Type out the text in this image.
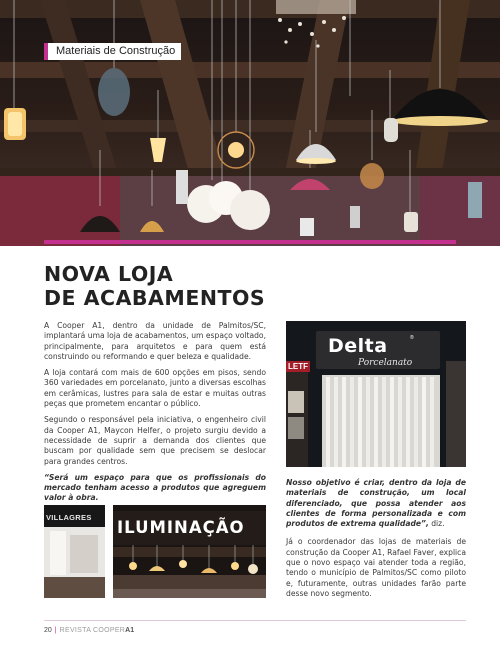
Materiais de Construção
NOVA LOJA
DE ACABAMENTOS

A Cooper A1, dentro da unidade de Palmitos/SC, implantará uma loja de acabamentos, um espaço voltado, principalmente, para arquitetos e para quem está construindo ou reformando e quer beleza e qualidade.

A loja contará com mais de 600 opções em pisos, sendo 360 variedades em porcelanato, junto a diversas escolhas em cerâmicas, lustres para sala de estar e muitas outras peças que prometem encantar o público.

Segundo o responsável pela iniciativa, o engenheiro civil da Cooper A1, Maycon Helfer, o projeto surgiu devido a necessidade de suprir a demanda dos clientes que buscam por qualidade sem que precisem se deslocar para grandes centros.

“Será um espaço para que os profissionais do mercado tenham acesso a produtos que agreguem valor à obra.

Delta	®
Porcelanato
LETF

Nosso objetivo é criar, dentro da loja de materiais de construção, um local diferenciado, que possa atender aos clientes de forma personalizada e com produtos de extrema qualidade”, diz.

Já o coordenador das lojas de materiais de construção da Cooper A1, Rafael Faver, explica que o novo espaço vai atender toda a região, tendo o município de Palmitos/SC como piloto e, futuramente, outras unidades farão parte desse novo segmento.

VILLAGRES
ILUMINAÇÃO
20 | REVISTA COOPERA1
